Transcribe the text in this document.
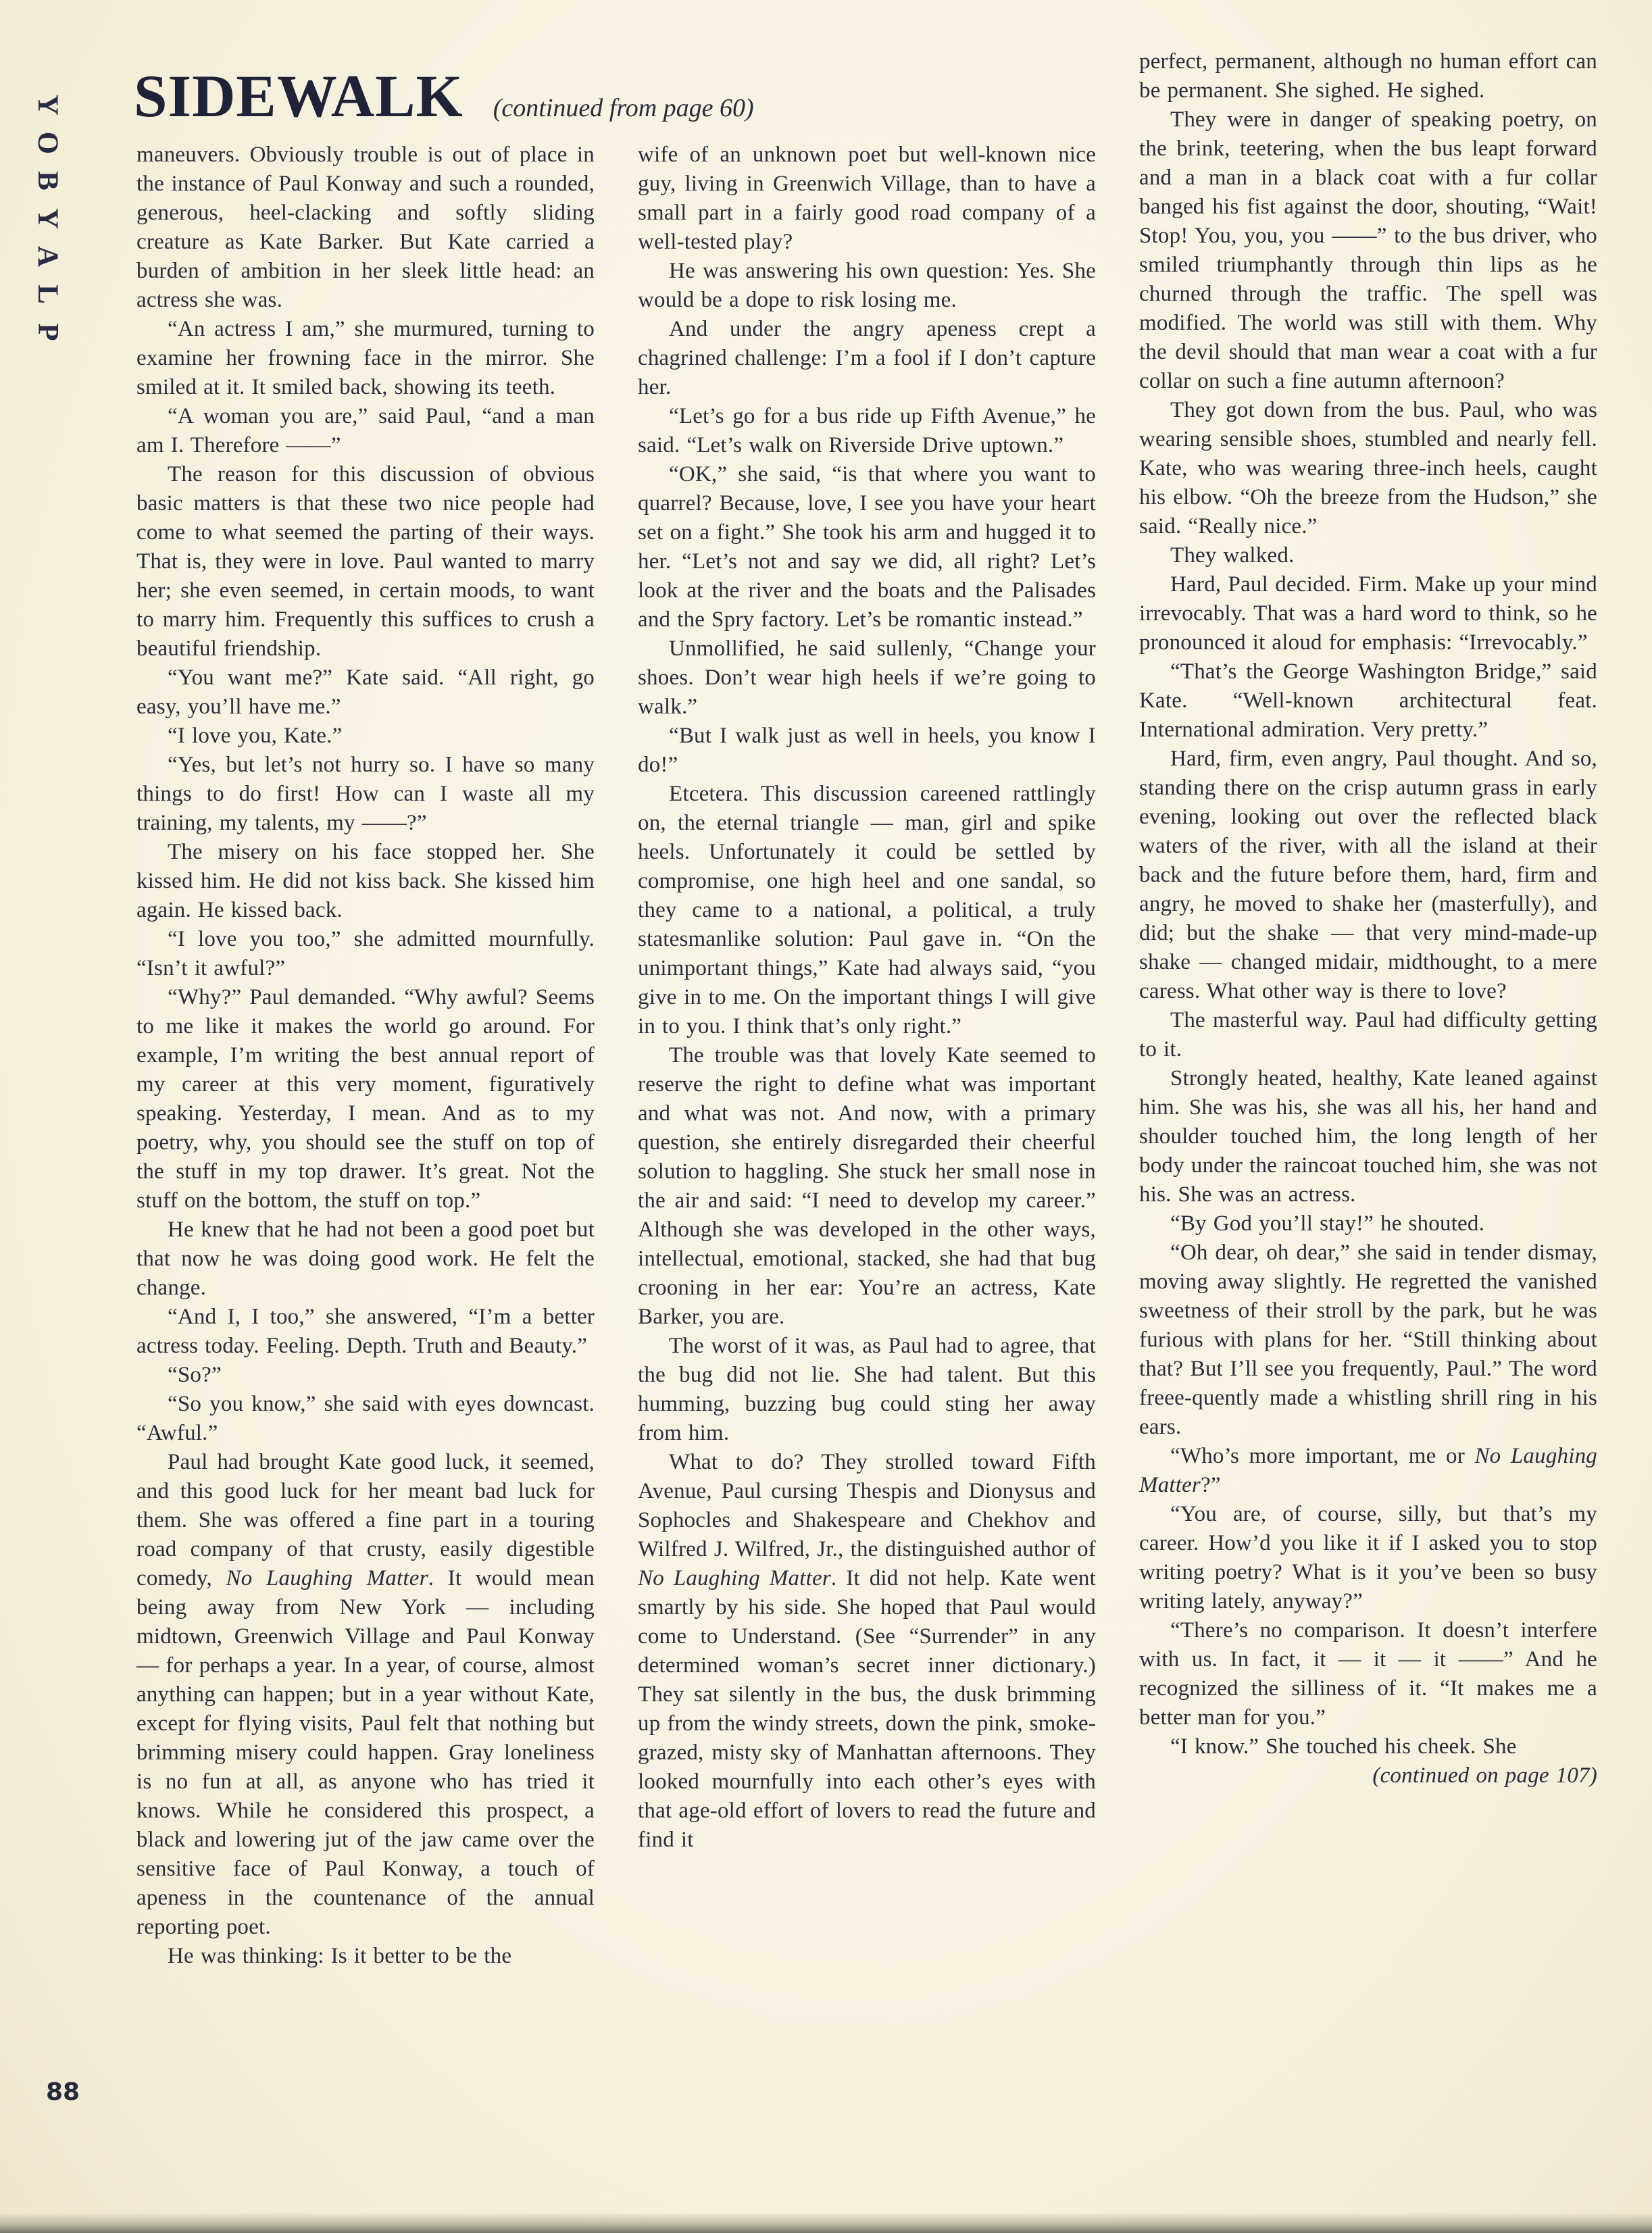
Y
O
B
Y
A
L
P
SIDEWALK (continued from page 60)

maneuvers. Obviously trouble is out of place in the instance of Paul Konway and such a rounded, generous, heel-clacking and softly sliding creature as Kate Barker. But Kate carried a burden of ambition in her sleek little head: an actress she was.

“An actress I am,” she murmured, turning to examine her frowning face in the mirror. She smiled at it. It smiled back, showing its teeth.

“A woman you are,” said Paul, “and a man am I. Therefore ——”

The reason for this discussion of obvious basic matters is that these two nice people had come to what seemed the parting of their ways. That is, they were in love. Paul wanted to marry her; she even seemed, in certain moods, to want to marry him. Frequently this suffices to crush a beautiful friendship.

“You want me?” Kate said. “All right, go easy, you’ll have me.”

“I love you, Kate.”

“Yes, but let’s not hurry so. I have so many things to do first! How can I waste all my training, my talents, my ——?”

The misery on his face stopped her. She kissed him. He did not kiss back. She kissed him again. He kissed back.

“I love you too,” she admitted mournfully. “Isn’t it awful?”

“Why?” Paul demanded. “Why awful? Seems to me like it makes the world go around. For example, I’m writing the best annual report of my career at this very moment, figuratively speaking. Yesterday, I mean. And as to my poetry, why, you should see the stuff on top of the stuff in my top drawer. It’s great. Not the stuff on the bottom, the stuff on top.”

He knew that he had not been a good poet but that now he was doing good work. He felt the change.

“And I, I too,” she answered, “I’m a better actress today. Feeling. Depth. Truth and Beauty.”

“So?”

“So you know,” she said with eyes downcast. “Awful.”

Paul had brought Kate good luck, it seemed, and this good luck for her meant bad luck for them. She was offered a fine part in a touring road company of that crusty, easily digestible comedy, No Laughing Matter. It would mean being away from New York — including midtown, Greenwich Village and Paul Konway — for perhaps a year. In a year, of course, almost anything can happen; but in a year without Kate, except for flying visits, Paul felt that nothing but brimming misery could happen. Gray loneliness is no fun at all, as anyone who has tried it knows. While he considered this prospect, a black and lowering jut of the jaw came over the sensitive face of Paul Konway, a touch of apeness in the countenance of the annual reporting poet.

He was thinking: Is it better to be the

wife of an unknown poet but well-known nice guy, living in Greenwich Village, than to have a small part in a fairly good road company of a well-tested play?

He was answering his own question: Yes. She would be a dope to risk losing me.

And under the angry apeness crept a chagrined challenge: I’m a fool if I don’t capture her.

“Let’s go for a bus ride up Fifth Avenue,” he said. “Let’s walk on Riverside Drive uptown.”

“OK,” she said, “is that where you want to quarrel? Because, love, I see you have your heart set on a fight.” She took his arm and hugged it to her. “Let’s not and say we did, all right? Let’s look at the river and the boats and the Palisades and the Spry factory. Let’s be romantic instead.”

Unmollified, he said sullenly, “Change your shoes. Don’t wear high heels if we’re going to walk.”

“But I walk just as well in heels, you know I do!”

Etcetera. This discussion careened rattlingly on, the eternal triangle — man, girl and spike heels. Unfortunately it could be settled by compromise, one high heel and one sandal, so they came to a national, a political, a truly statesmanlike solution: Paul gave in. “On the unimportant things,” Kate had always said, “you give in to me. On the important things I will give in to you. I think that’s only right.”

The trouble was that lovely Kate seemed to reserve the right to define what was important and what was not. And now, with a primary question, she entirely disregarded their cheerful solution to haggling. She stuck her small nose in the air and said: “I need to develop my career.” Although she was developed in the other ways, intellectual, emotional, stacked, she had that bug crooning in her ear: You’re an actress, Kate Barker, you are.

The worst of it was, as Paul had to agree, that the bug did not lie. She had talent. But this humming, buzzing bug could sting her away from him.

What to do? They strolled toward Fifth Avenue, Paul cursing Thespis and Dionysus and Sophocles and Shakespeare and Chekhov and Wilfred J. Wilfred, Jr., the distinguished author of No Laughing Matter. It did not help. Kate went smartly by his side. She hoped that Paul would come to Understand. (See “Surrender” in any determined woman’s secret inner dictionary.) They sat silently in the bus, the dusk brimming up from the windy streets, down the pink, smoke-grazed, misty sky of Manhattan afternoons. They looked mournfully into each other’s eyes with that age-old effort of lovers to read the future and find it

perfect, permanent, although no human effort can be permanent. She sighed. He sighed.

They were in danger of speaking poetry, on the brink, teetering, when the bus leapt forward and a man in a black coat with a fur collar banged his fist against the door, shouting, “Wait! Stop! You, you, you ——” to the bus driver, who smiled triumphantly through thin lips as he churned through the traffic. The spell was modified. The world was still with them. Why the devil should that man wear a coat with a fur collar on such a fine autumn afternoon?

They got down from the bus. Paul, who was wearing sensible shoes, stumbled and nearly fell. Kate, who was wearing three-inch heels, caught his elbow. “Oh the breeze from the Hudson,” she said. “Really nice.”

They walked.

Hard, Paul decided. Firm. Make up your mind irrevocably. That was a hard word to think, so he pronounced it aloud for emphasis: “Irrevocably.”

“That’s the George Washington Bridge,” said Kate. “Well-known architectural feat. International admiration. Very pretty.”

Hard, firm, even angry, Paul thought. And so, standing there on the crisp autumn grass in early evening, looking out over the reflected black waters of the river, with all the island at their back and the future before them, hard, firm and angry, he moved to shake her (masterfully), and did; but the shake — that very mind-made-up shake — changed midair, midthought, to a mere caress. What other way is there to love?

The masterful way. Paul had difficulty getting to it.

Strongly heated, healthy, Kate leaned against him. She was his, she was all his, her hand and shoulder touched him, the long length of her body under the raincoat touched him, she was not his. She was an actress.

“By God you’ll stay!” he shouted.

“Oh dear, oh dear,” she said in tender dismay, moving away slightly. He regretted the vanished sweetness of their stroll by the park, but he was furious with plans for her. “Still thinking about that? But I’ll see you frequently, Paul.” The word freee-quently made a whistling shrill ring in his ears.

“Who’s more important, me or No Laughing Matter?”

“You are, of course, silly, but that’s my career. How’d you like it if I asked you to stop writing poetry? What is it you’ve been so busy writing lately, anyway?”

“There’s no comparison. It doesn’t interfere with us. In fact, it — it — it ——” And he recognized the silliness of it. “It makes me a better man for you.”

“I know.” She touched his cheek. She

(continued on page 107)

88
